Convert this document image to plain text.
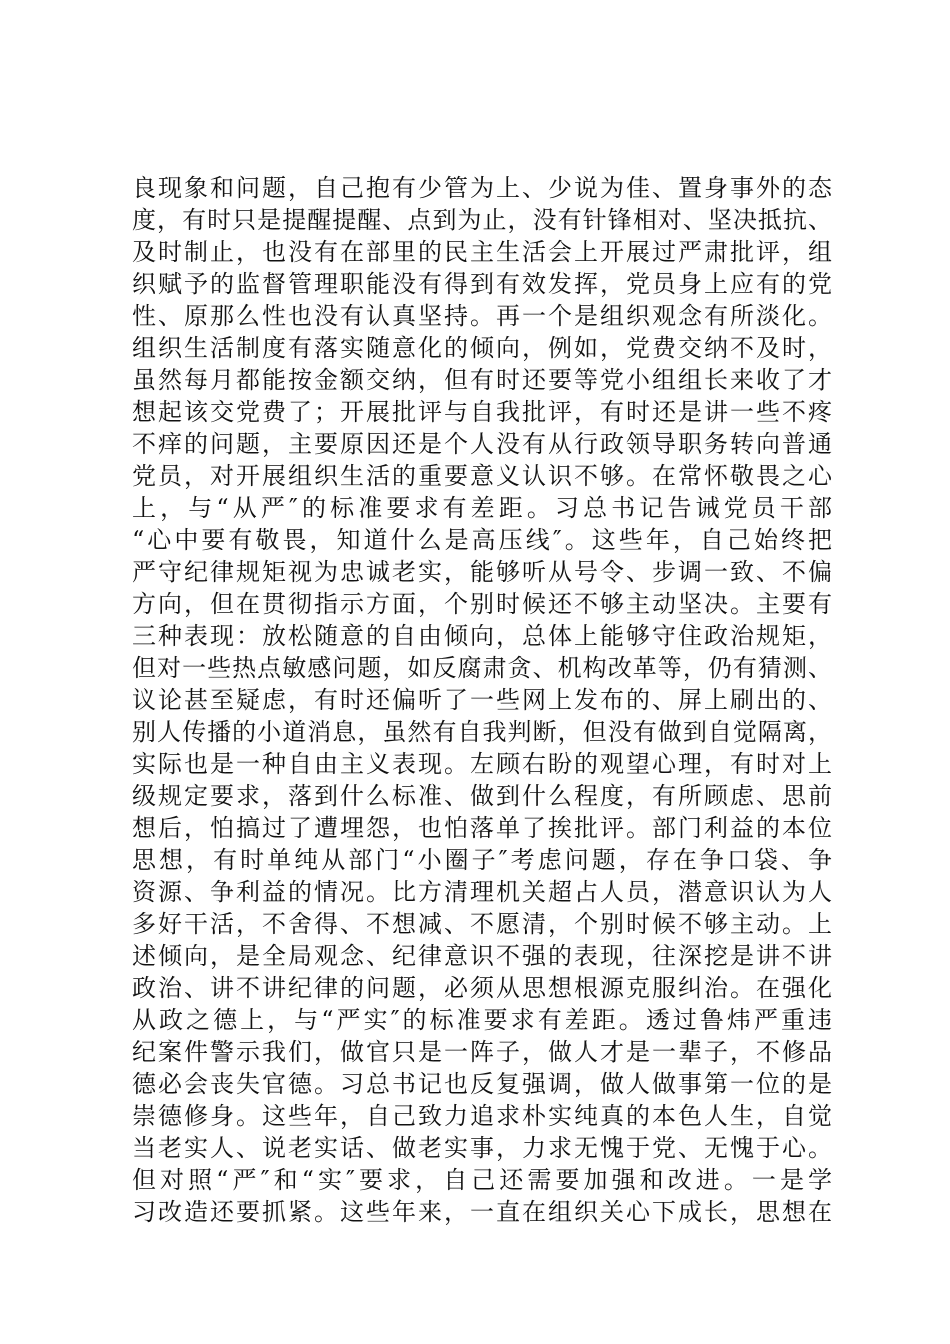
良现象和问题，自己抱有少管为上、少说为佳、置身事外的态
度，有时只是提醒提醒、点到为止，没有针锋相对、坚决抵抗、
及时制止，也没有在部里的民主生活会上开展过严肃批评，组
织赋予的监督管理职能没有得到有效发挥，党员身上应有的党
性、原那么性也没有认真坚持。再一个是组织观念有所淡化。
组织生活制度有落实随意化的倾向，例如，党费交纳不及时，
虽然每月都能按金额交纳，但有时还要等党小组组长来收了才
想起该交党费了；开展批评与自我批评，有时还是讲一些不疼
不痒的问题，主要原因还是个人没有从行政领导职务转向普通
党员，对开展组织生活的重要意义认识不够。在常怀敬畏之心
上，与“从严″的标准要求有差距。习总书记告诫党员干部
“心中要有敬畏，知道什么是高压线″。这些年，自己始终把
严守纪律规矩视为忠诚老实，能够听从号令、步调一致、不偏
方向，但在贯彻指示方面，个别时候还不够主动坚决。主要有
三种表现：放松随意的自由倾向，总体上能够守住政治规矩，
但对一些热点敏感问题，如反腐肃贪、机构改革等，仍有猜测、
议论甚至疑虑，有时还偏听了一些网上发布的、屏上刷出的、
别人传播的小道消息，虽然有自我判断，但没有做到自觉隔离，
实际也是一种自由主义表现。左顾右盼的观望心理，有时对上
级规定要求，落到什么标准、做到什么程度，有所顾虑、思前
想后，怕搞过了遭埋怨，也怕落单了挨批评。部门利益的本位
思想，有时单纯从部门“小圈子″考虑问题，存在争口袋、争
资源、争利益的情况。比方清理机关超占人员，潜意识认为人
多好干活，不舍得、不想减、不愿清，个别时候不够主动。上
述倾向，是全局观念、纪律意识不强的表现，往深挖是讲不讲
政治、讲不讲纪律的问题，必须从思想根源克服纠治。在强化
从政之德上，与“严实″的标准要求有差距。透过鲁炜严重违
纪案件警示我们，做官只是一阵子，做人才是一辈子，不修品
德必会丧失官德。习总书记也反复强调，做人做事第一位的是
崇德修身。这些年，自己致力追求朴实纯真的本色人生，自觉
当老实人、说老实话、做老实事，力求无愧于党、无愧于心。
但对照“严″和“实″要求，自己还需要加强和改进。一是学
习改造还要抓紧。这些年来，一直在组织关心下成长，思想在
